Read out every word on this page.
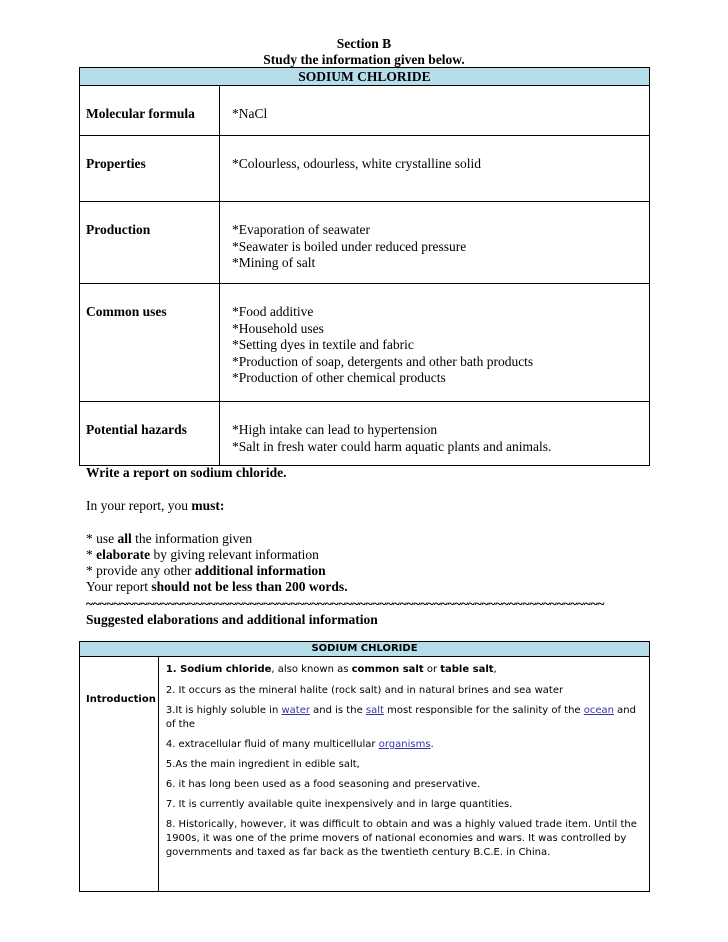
Section B
Study the information given below.
SODIUM CHLORIDE	
Molecular formula	*NaCl

Properties	*Colourless, odourless, white crystalline solid

Production	*Evaporation of seawater
*Seawater is boiled under reduced pressure
*Mining of salt

Common uses	*Food additive
*Household uses
*Setting dyes in textile and fabric
*Production of soap, detergents and other bath products
*Production of other chemical products

Potential hazards	*High intake can lead to hypertension
*Salt in fresh water could harm aquatic plants and animals.
Write a report on sodium chloride.
In your report, you must:
* use all the information given
* elaborate by giving relevant information
* provide any other additional information
Your report should not be less than 200 words.
~~~~~~~~~~~~~~~~~~~~~~~~~~~~~~~~~~~~~~~~~~~~~~~~~~~~~~~~~~~~~~~~~~~~~~~~~~~~
Suggested elaborations and additional information
SODIUM CHLORIDE

Introduction

1. Sodium chloride, also known as common salt or table salt,
2. It occurs as the mineral halite (rock salt) and in natural brines and sea water
3.It is highly soluble in water and is the salt most responsible for the salinity of the ocean and of the
4. extracellular fluid of many multicellular organisms.
5.As the main ingredient in edible salt,
6. it has long been used as a food seasoning and preservative.
7. It is currently available quite inexpensively and in large quantities.
8. Historically, however, it was difficult to obtain and was a highly valued trade item. Until the
1900s, it was one of the prime movers of national economies and wars. It was controlled by
governments and taxed as far back as the twentieth century B.C.E. in China.
